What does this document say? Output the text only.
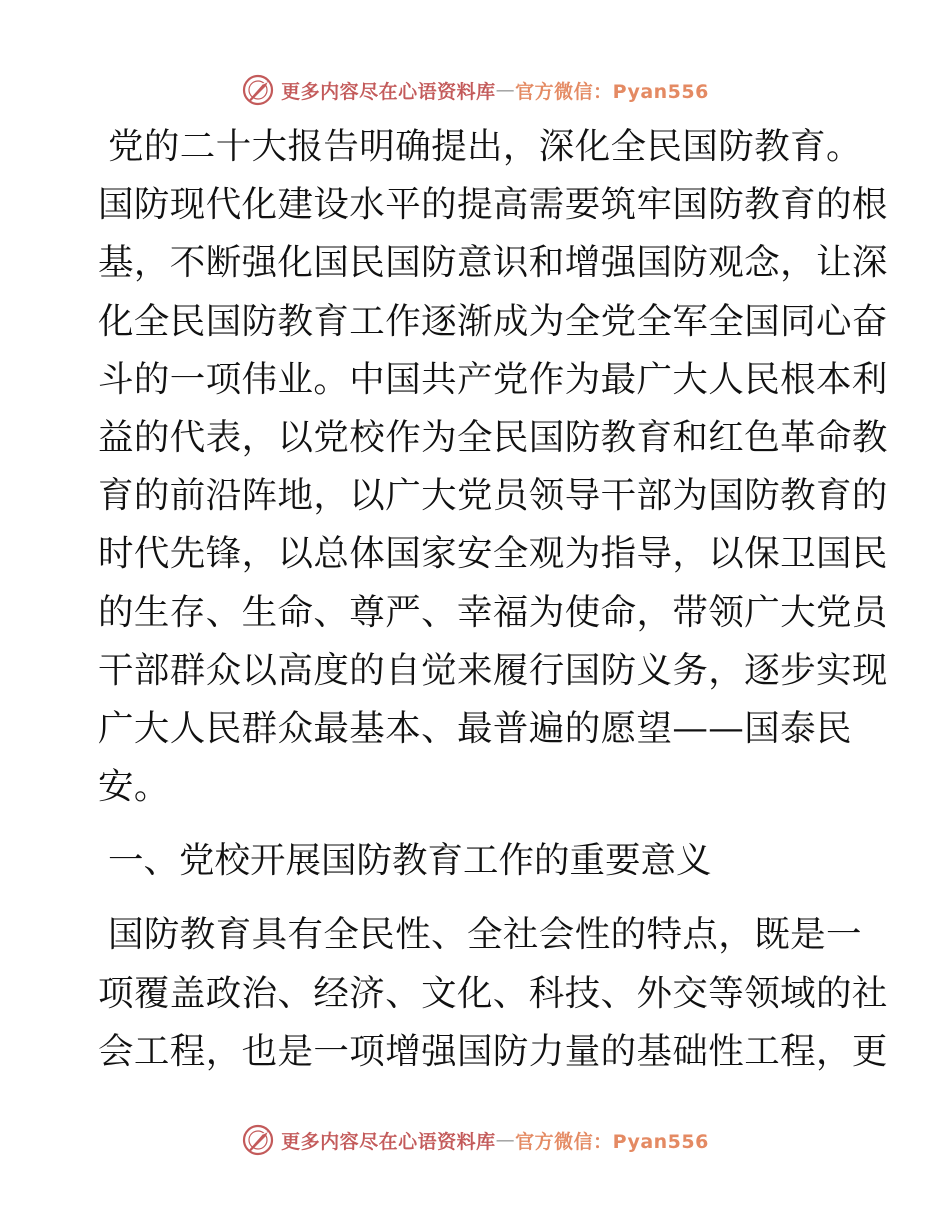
更多内容尽在心语资料库 — 官方微信：Pyan556

党的二十大报告明确提出，深化全民国防教育。
国防现代化建设水平的提高需要筑牢国防教育的根
基，不断强化国民国防意识和增强国防观念，让深
化全民国防教育工作逐渐成为全党全军全国同心奋
斗的一项伟业。中国共产党作为最广大人民根本利
益的代表，以党校作为全民国防教育和红色革命教
育的前沿阵地，以广大党员领导干部为国防教育的
时代先锋，以总体国家安全观为指导，以保卫国民
的生存、生命、尊严、幸福为使命，带领广大党员
干部群众以高度的自觉来履行国防义务，逐步实现
广大人民群众最基本、最普遍的愿望——国泰民
安。

一、党校开展国防教育工作的重要意义

国防教育具有全民性、全社会性的特点，既是一
项覆盖政治、经济、文化、科技、外交等领域的社
会工程，也是一项增强国防力量的基础性工程，更

更多内容尽在心语资料库 — 官方微信：Pyan556
